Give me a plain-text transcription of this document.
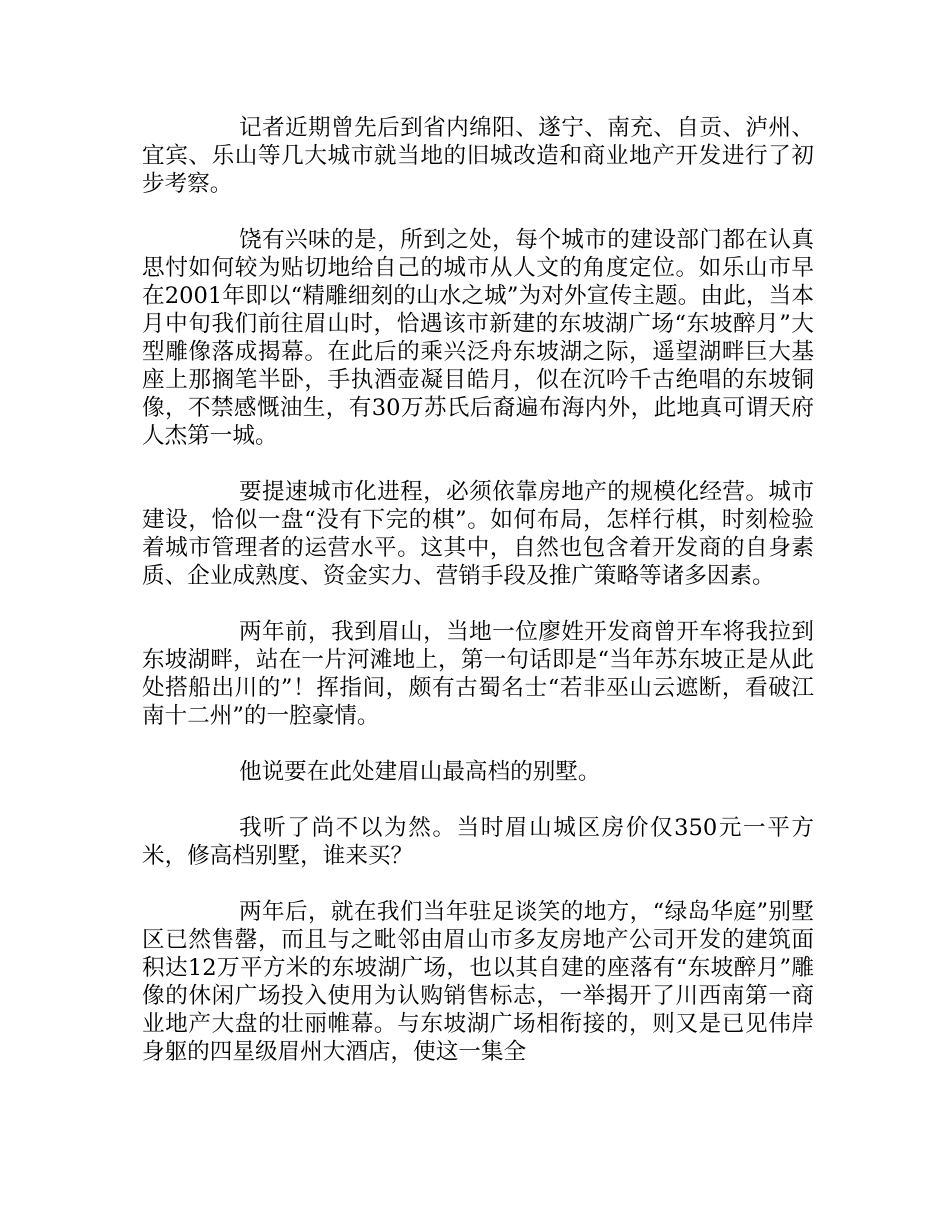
记者近期曾先后到省内绵阳、遂宁、南充、自贡、泸州、宜宾、乐山等几大城市就当地的旧城改造和商业地产开发进行了初步考察。

饶有兴味的是，所到之处，每个城市的建设部门都在认真思忖如何较为贴切地给自己的城市从人文的角度定位。如乐山市早在2001年即以“精雕细刻的山水之城”为对外宣传主题。由此，当本月中旬我们前往眉山时，恰遇该市新建的东坡湖广场“东坡醉月”大型雕像落成揭幕。在此后的乘兴泛舟东坡湖之际，遥望湖畔巨大基座上那搁笔半卧，手执酒壶凝目皓月，似在沉吟千古绝唱的东坡铜像，不禁感慨油生，有30万苏氏后裔遍布海内外，此地真可谓天府人杰第一城。

要提速城市化进程，必须依靠房地产的规模化经营。城市建设，恰似一盘“没有下完的棋”。如何布局，怎样行棋，时刻检验着城市管理者的运营水平。这其中，自然也包含着开发商的自身素质、企业成熟度、资金实力、营销手段及推广策略等诸多因素。

两年前，我到眉山，当地一位廖姓开发商曾开车将我拉到东坡湖畔，站在一片河滩地上，第一句话即是“当年苏东坡正是从此处搭船出川的”！挥指间，颇有古蜀名士“若非巫山云遮断，看破江南十二州”的一腔豪情。

他说要在此处建眉山最高档的别墅。

我听了尚不以为然。当时眉山城区房价仅350元一平方米，修高档别墅，谁来买？

两年后，就在我们当年驻足谈笑的地方，“绿岛华庭”别墅区已然售罄，而且与之毗邻由眉山市多友房地产公司开发的建筑面积达12万平方米的东坡湖广场，也以其自建的座落有“东坡醉月”雕像的休闲广场投入使用为认购销售标志，一举揭开了川西南第一商业地产大盘的壮丽帷幕。与东坡湖广场相衔接的，则又是已见伟岸身躯的四星级眉州大酒店，使这一集全
